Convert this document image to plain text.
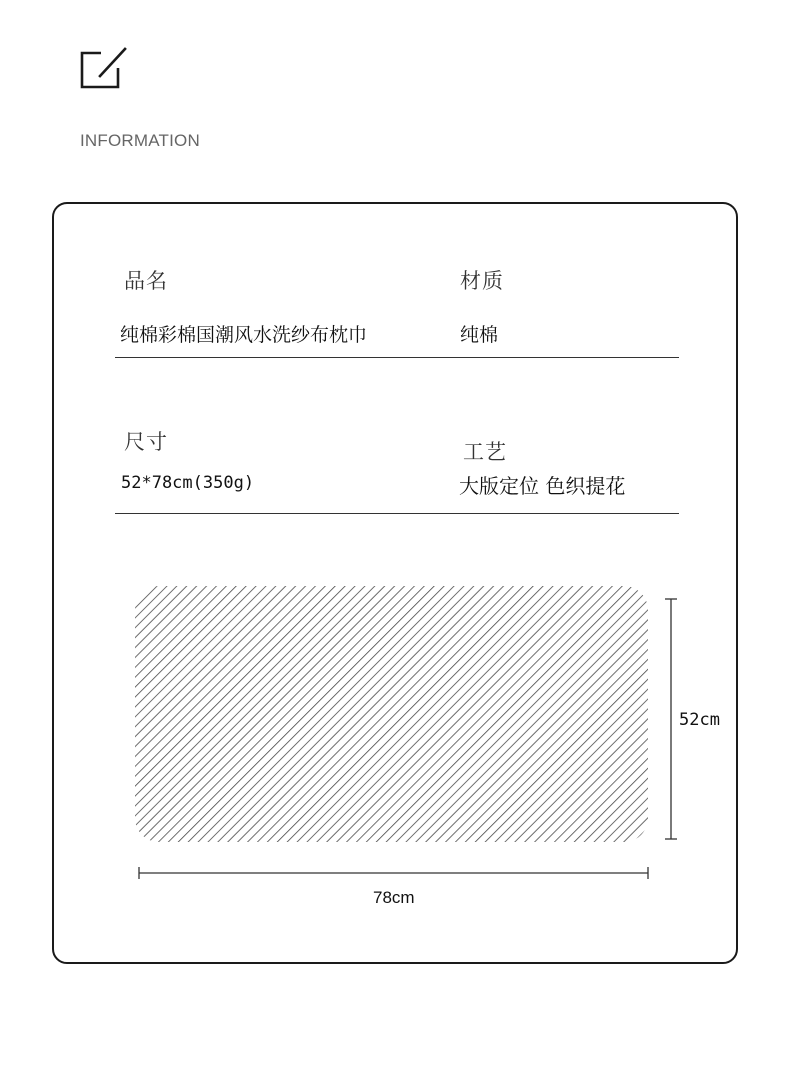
INFORMATION
品名	材质
纯棉彩棉国潮风水洗纱布枕巾	纯棉
尺寸	工艺
52*78cm(350g)	大版定位 色织提花
52cm
78cm
